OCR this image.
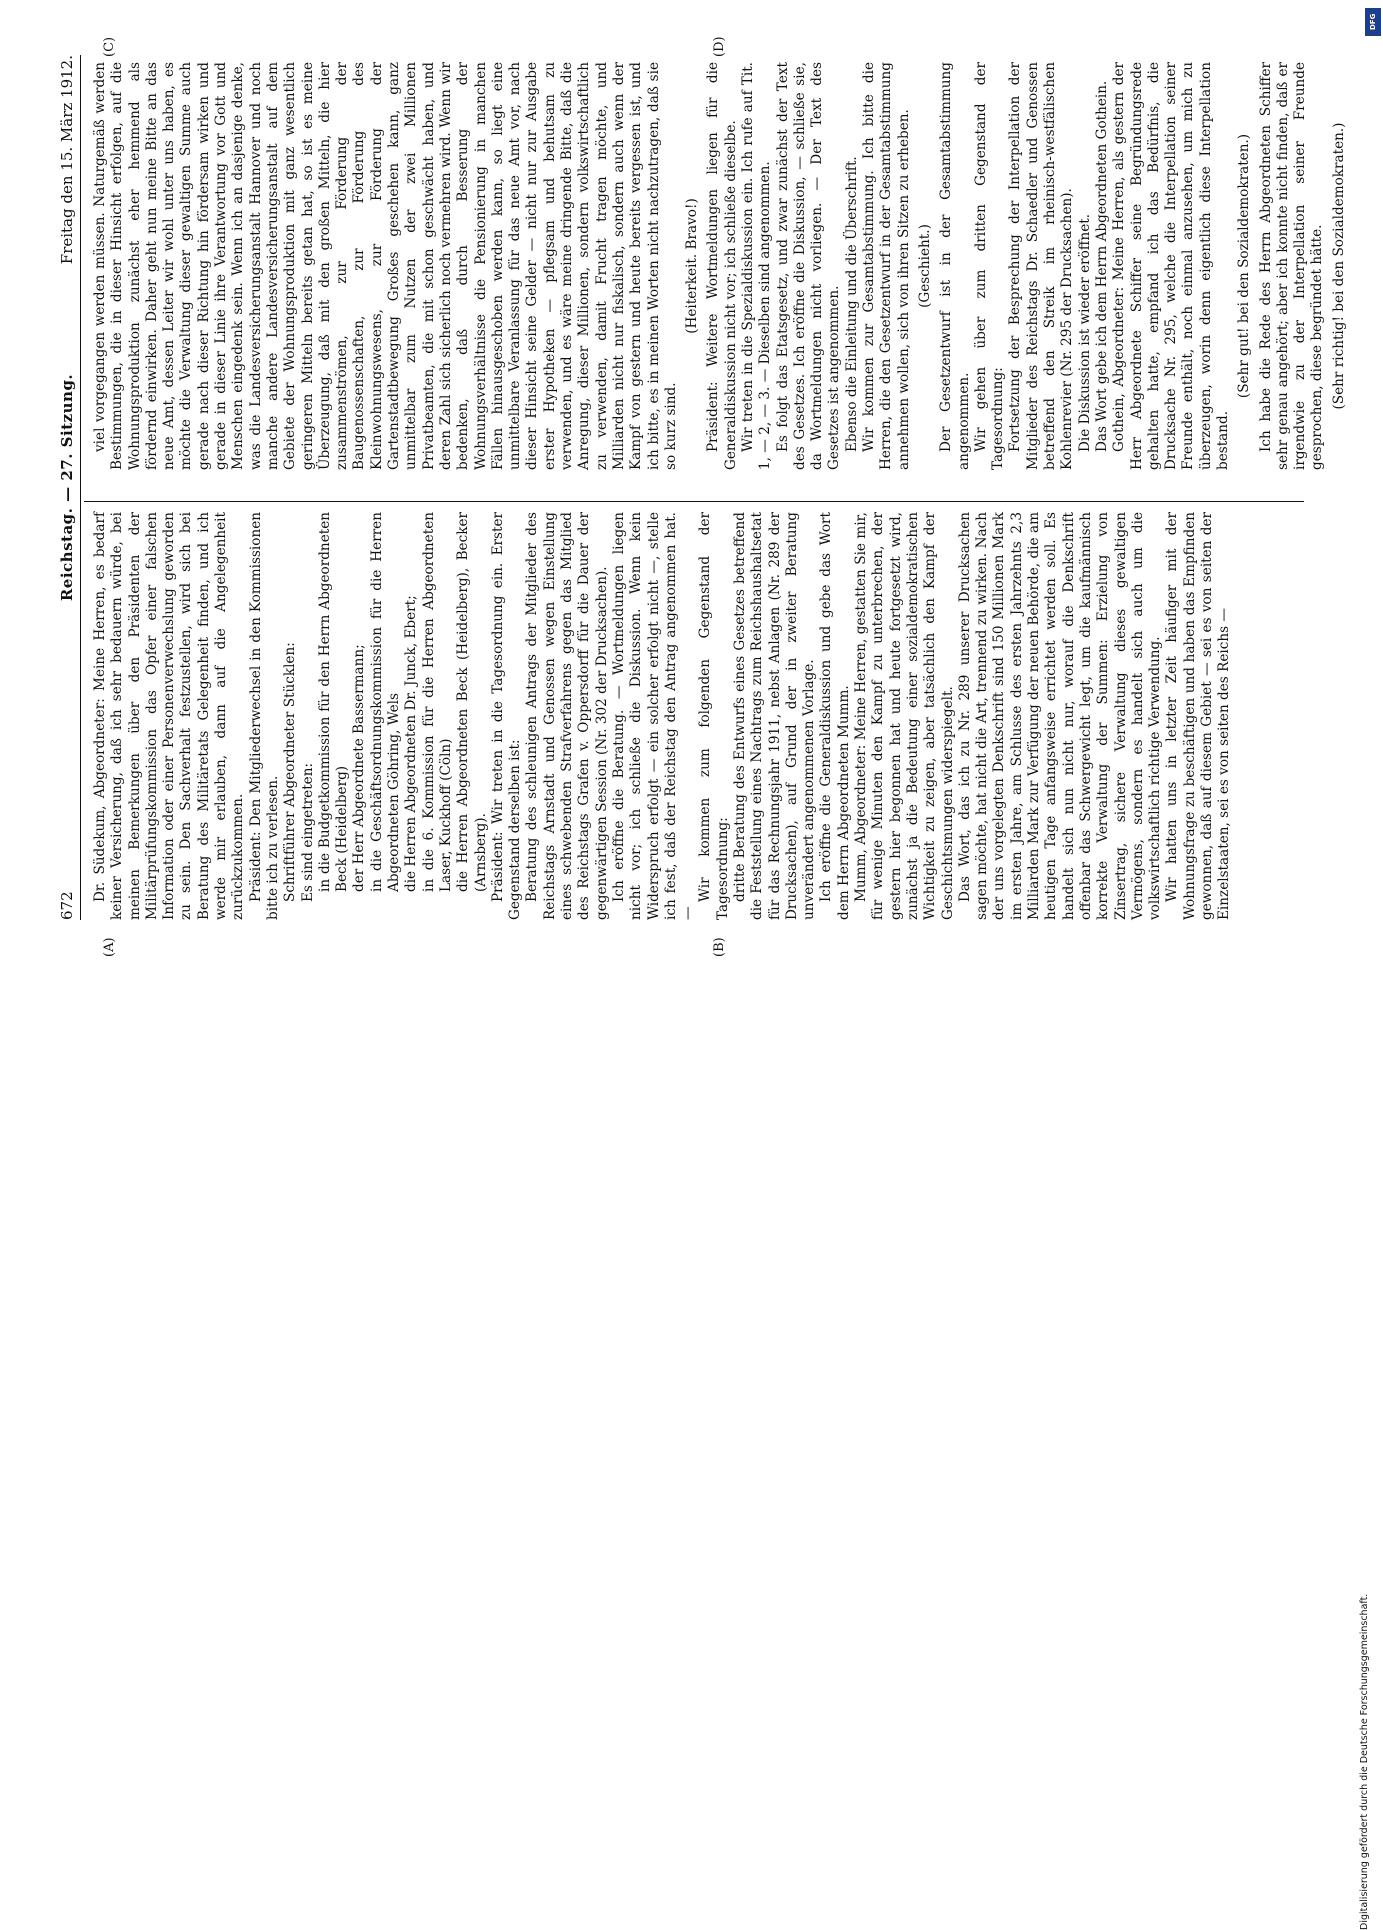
672
Reichstag. — 27. Sitzung.
Freitag den 15. März 1912.
(A)	(B)
(C)	(D)

Dr. Südekum, Abgeordneter: Meine Herren, es bedarf keiner Versicherung, daß ich sehr bedauern würde, bei meinen Bemerkungen über den Präsidenten der Militärprüfungskommission das Opfer einer falschen Information oder einer Personenverwechslung geworden zu sein. Den Sachverhalt festzustellen, wird sich bei Beratung des Militäretats Gelegenheit finden, und ich werde mir erlauben, dann auf die Angelegenheit zurückzukommen. Präsident: Den Mitgliederwechsel in den Kommissionen bitte ich zu verlesen. Schriftführer Abgeordneter Stücklen: Es sind eingetreten: in die Budgetkommission für den Herrn Abgeordneten Beck (Heidelberg) der Herr Abgeordnete Bassermann; in die Geschäftsordnungskommission für die Herren Abgeordneten Göhring, Wels die Herren Abgeordneten Dr. Junck, Ebert; in die 6. Kommission für die Herren Abgeordneten Laser, Kuckhoff (Cöln) die Herren Abgeordneten Beck (Heidelberg), Becker (Arnsberg). Präsident: Wir treten in die Tagesordnung ein. Erster Gegenstand derselben ist: Beratung des schleunigen Antrags der Mitglieder des Reichstags Arnstadt und Genossen wegen Einstellung eines schwebenden Strafverfahrens gegen das Mitglied des Reichstags Grafen v. Oppersdorff für die Dauer der gegenwärtigen Session (Nr. 302 der Drucksachen). Ich eröffne die Beratung. — Wortmeldungen liegen nicht vor; ich schließe die Diskussion. Wenn kein Widerspruch erfolgt — ein solcher erfolgt nicht —, stelle ich fest, daß der Reichstag den Antrag angenommen hat. —

Wir kommen zum folgenden Gegenstand der Tagesordnung: dritte Beratung des Entwurfs eines Gesetzes betreffend die Feststellung eines Nachtrags zum Reichshaushaltsetat für das Rechnungsjahr 1911, nebst Anlagen (Nr. 289 der Drucksachen), auf Grund der in zweiter Beratung unverändert angenommenen Vorlage. Ich eröffne die Generaldiskussion und gebe das Wort dem Herrn Abgeordneten Mumm. Mumm, Abgeordneter: Meine Herren, gestatten Sie mir, für wenige Minuten den Kampf zu unterbrechen, der gestern hier begonnen hat und heute fortgesetzt wird, zunächst ja die Bedeutung einer sozialdemokratischen Wichtigkeit zu zeigen, aber tatsächlich den Kampf der Geschichtsmungen widerspiegelt. Das Wort, das ich zu Nr. 289 unserer Drucksachen sagen möchte, hat nicht die Art, trennend zu wirken. Nach der uns vorgelegten Denkschrift sind 150 Millionen Mark im ersten Jahre, am Schlusse des ersten Jahrzehnts 2,3 Milliarden Mark zur Verfügung der neuen Behörde, die am heutigen Tage anfangsweise errichtet werden soll. Es handelt sich nun nicht nur, worauf die Denkschrift offenbar das Schwergewicht legt, um die kaufmännisch korrekte Verwaltung der Summen: Erzielung von Zinsertrag, sichere Verwaltung dieses gewaltigen Vermögens, sondern es handelt sich auch um die volkswirtschaftlich richtige Verwendung. Wir hatten uns in letzter Zeit häufiger mit der Wohnungsfrage zu beschäftigen und haben das Empfinden gewonnen, daß auf diesem Gebiet — sei es von seiten der Einzelstaaten, sei es von seiten des Reichs —

viel vorgegangen werden müssen. Naturgemäß werden Bestimmungen, die in dieser Hinsicht erfolgen, auf die Wohnungsproduktion zunächst eher hemmend als fördernd einwirken. Daher geht nun meine Bitte an das neue Amt, dessen Leiter wir wohl unter uns haben, es möchte die Verwaltung dieser gewaltigen Summe auch gerade nach dieser Richtung hin fördersam wirken und gerade in dieser Linie ihre Verantwortung vor Gott und Menschen eingedenk sein. Wenn ich an dasjenige denke, was die Landesversicherungsanstalt Hannover und noch manche andere Landesversicherungsanstalt auf dem Gebiete der Wohnungsproduktion mit ganz wesentlich geringeren Mitteln bereits getan hat, so ist es meine Überzeugung, daß mit den großen Mitteln, die hier zusammenströmen, zur Förderung der Baugenossenschaften, zur Förderung des Kleinwohnungswesens, zur Förderung der Gartenstadtbewegung Großes geschehen kann, ganz unmittelbar zum Nutzen der zwei Millionen Privatbeamten, die mit schon geschwächt haben, und deren Zahl sich sicherlich noch vermehren wird. Wenn wir bedenken, daß durch Besserung der Wohnungsverhältnisse die Pensionierung in manchen Fällen hinausgeschoben werden kann, so liegt eine unmittelbare Veranlassung für das neue Amt vor, nach dieser Hinsicht seine Gelder — nicht nur zur Ausgabe erster Hypotheken — pflegsam und behutsam zu verwenden, und es wäre meine dringende Bitte, daß die Anregung, dieser Millionen, sondern volkswirtschaftlich zu verwenden, damit Frucht tragen möchte, und Milliarden nicht nur fiskalisch, sondern auch wenn der Kampf von gestern und heute bereits vergessen ist, und ich bitte, es in meinen Worten nicht nachzutragen, daß sie so kurz sind.

(Heiterkeit. Bravo!) Präsident: Weitere Wortmeldungen liegen für die Generaldiskussion nicht vor; ich schließe dieselbe. Wir treten in die Spezialdiskussion ein. Ich rufe auf Tit. 1, — 2, — 3. — Dieselben sind angenommen. Es folgt das Etatsgesetz, und zwar zunächst der Text des Gesetzes. Ich eröffne die Diskussion, — schließe sie, da Wortmeldungen nicht vorliegen. — Der Text des Gesetzes ist angenommen. Ebenso die Einleitung und die Überschrift. Wir kommen zur Gesamtabstimmung. Ich bitte die Herren, die den Gesetzentwurf in der Gesamtabstimmung annehmen wollen, sich von ihren Sitzen zu erheben. (Geschieht.) Der Gesetzentwurf ist in der Gesamtabstimmung angenommen. Wir gehen über zum dritten Gegenstand der Tagesordnung: Fortsetzung der Besprechung der Interpellation der Mitglieder des Reichstags Dr. Schaedler und Genossen betreffend den Streik im rheinisch-westfälischen Kohlenrevier (Nr. 295 der Drucksachen). Die Diskussion ist wieder eröffnet. Das Wort gebe ich dem Herrn Abgeordneten Gothein. Gothein, Abgeordneter: Meine Herren, als gestern der Herr Abgeordnete Schiffer seine Begründungsrede gehalten hatte, empfand ich das Bedürfnis, die Drucksache Nr. 295, welche die Interpellation seiner Freunde enthält, noch einmal anzusehen, um mich zu überzeugen, worin denn eigentlich diese Interpellation bestand.

(Sehr gut! bei den Sozialdemokraten.) Ich habe die Rede des Herrn Abgeordneten Schiffer sehr genau angehört; aber ich konnte nicht finden, daß er irgendwie zu der Interpellation seiner Freunde gesprochen, diese begründet hätte. (Sehr richtig! bei den Sozialdemokraten.)

Digitalisierung gefördert durch die Deutsche Forschungsgemeinschaft.
DFG
